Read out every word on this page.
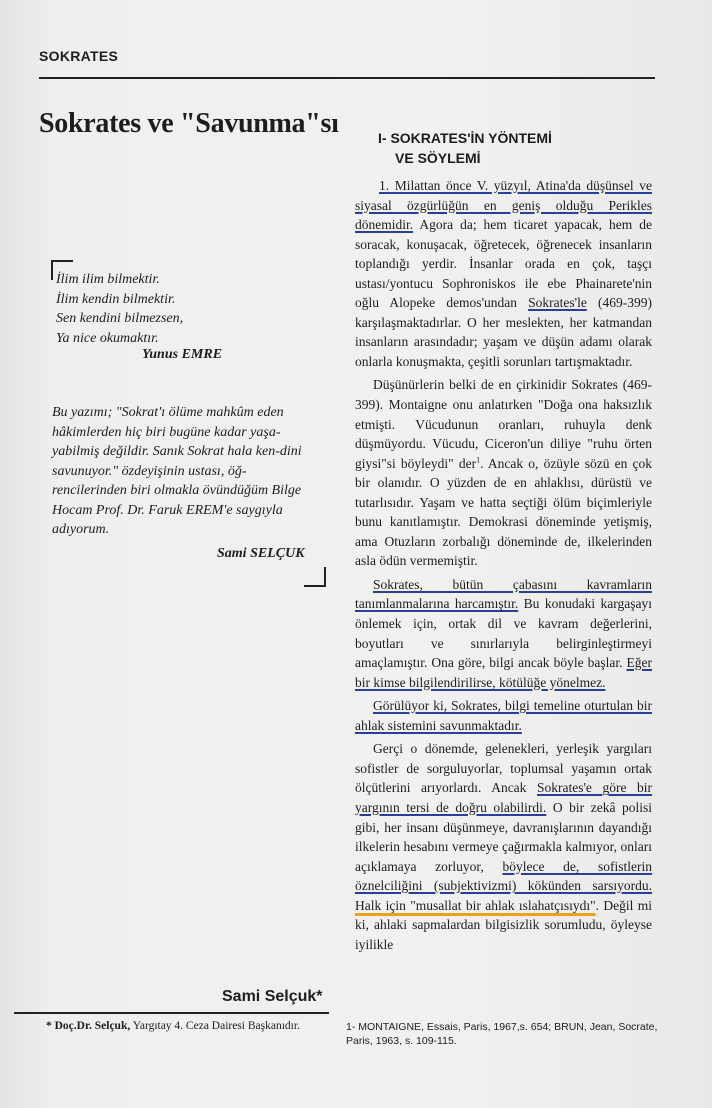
SOKRATES
Sokrates ve "Savunma"sı	I- SOKRATES'İN YÖNTEMİ
VE SÖYLEMİ
İlim ilim bilmektir.
İlim kendin bilmektir.
Sen kendini bilmezsen,
Ya nice okumaktır.
Yunus EMRE
Bu yazımı; "Sokrat'ı ölüme mahkûm eden hâkimlerden hiç biri bugüne kadar yaşa-yabilmiş değildir. Sanık Sokrat hala ken-dini savunuyor." özdeyişinin ustası, öğ-rencilerinden biri olmakla övündüğüm Bilge Hocam Prof. Dr. Faruk EREM'e saygıyla adıyorum.
Sami SELÇUK

1. Milattan önce V. yüzyıl, Atina'da düşünsel ve siyasal özgürlüğün en geniş olduğu Perikles dönemidir. Agora da; hem ticaret yapacak, hem de soracak, konuşacak, öğretecek, öğrenecek insanların toplandığı yerdir. İnsanlar orada en çok, taşçı ustası/yontucu Sophroniskos ile ebe Phainarete'nin oğlu Alopeke demos'undan Sokrates'le (469-399) karşılaşmaktadırlar. O her meslekten, her katmandan insanların arasındadır; yaşam ve düşün adamı olarak onlarla konuşmakta, çeşitli sorunları tartışmaktadır.

Düşünürlerin belki de en çirkinidir Sokrates (469-399). Montaigne onu anlatırken "Doğa ona haksızlık etmişti. Vücudunun oranları, ruhuyla denk düşmüyordu. Vücudu, Ciceron'un diliye "ruhu örten giysi"si böyleydi" der$^1$. Ancak o, özüyle sözü en çok bir olanıdır. O yüzden de en ahlaklısı, dürüstü ve tutarlısıdır. Yaşam ve hatta seçtiği ölüm biçimleriyle bunu kanıtlamıştır. Demokrasi döneminde yetişmiş, ama Otuzların zorbalığı döneminde de, ilkelerinden asla ödün vermemiştir.

Sokrates, bütün çabasını kavramların tanımlanmalarına harcamıştır. Bu konudaki kargaşayı önlemek için, ortak dil ve kavram değerlerini, boyutları ve sınırlarıyla belirginleştirmeyi amaçlamıştır. Ona göre, bilgi ancak böyle başlar. Eğer bir kimse bilgilendirilirse, kötülüğe yönelmez.

Görülüyor ki, Sokrates, bilgi temeline oturtulan bir ahlak sistemini savunmaktadır.

Gerçi o dönemde, gelenekleri, yerleşik yargıları sofistler de sorguluyorlar, toplumsal yaşamın ortak ölçütlerini arıyorlardı. Ancak Sokrates'e göre bir yargının tersi de doğru olabilirdi. O bir zekâ polisi gibi, her insanı düşünmeye, davranışlarının dayandığı ilkelerin hesabını vermeye çağırmakla kalmıyor, onları açıklamaya zorluyor, böylece de, sofistlerin öznelciliğini (subjektivizmi) kökünden sarsıyordu. Halk için "musallat bir ahlak ıslahatçısıydı". Değil mi ki, ahlaki sapmalardan bilgisizlik sorumludu, öyleyse iyilikle

Sami Selçuk*
* Doç.Dr. Selçuk, Yargıtay 4. Ceza Dairesi Başkanıdır.	1- MONTAIGNE, Essais, Paris, 1967,s. 654; BRUN, Jean, Socrate, Paris, 1963, s. 109-115.
